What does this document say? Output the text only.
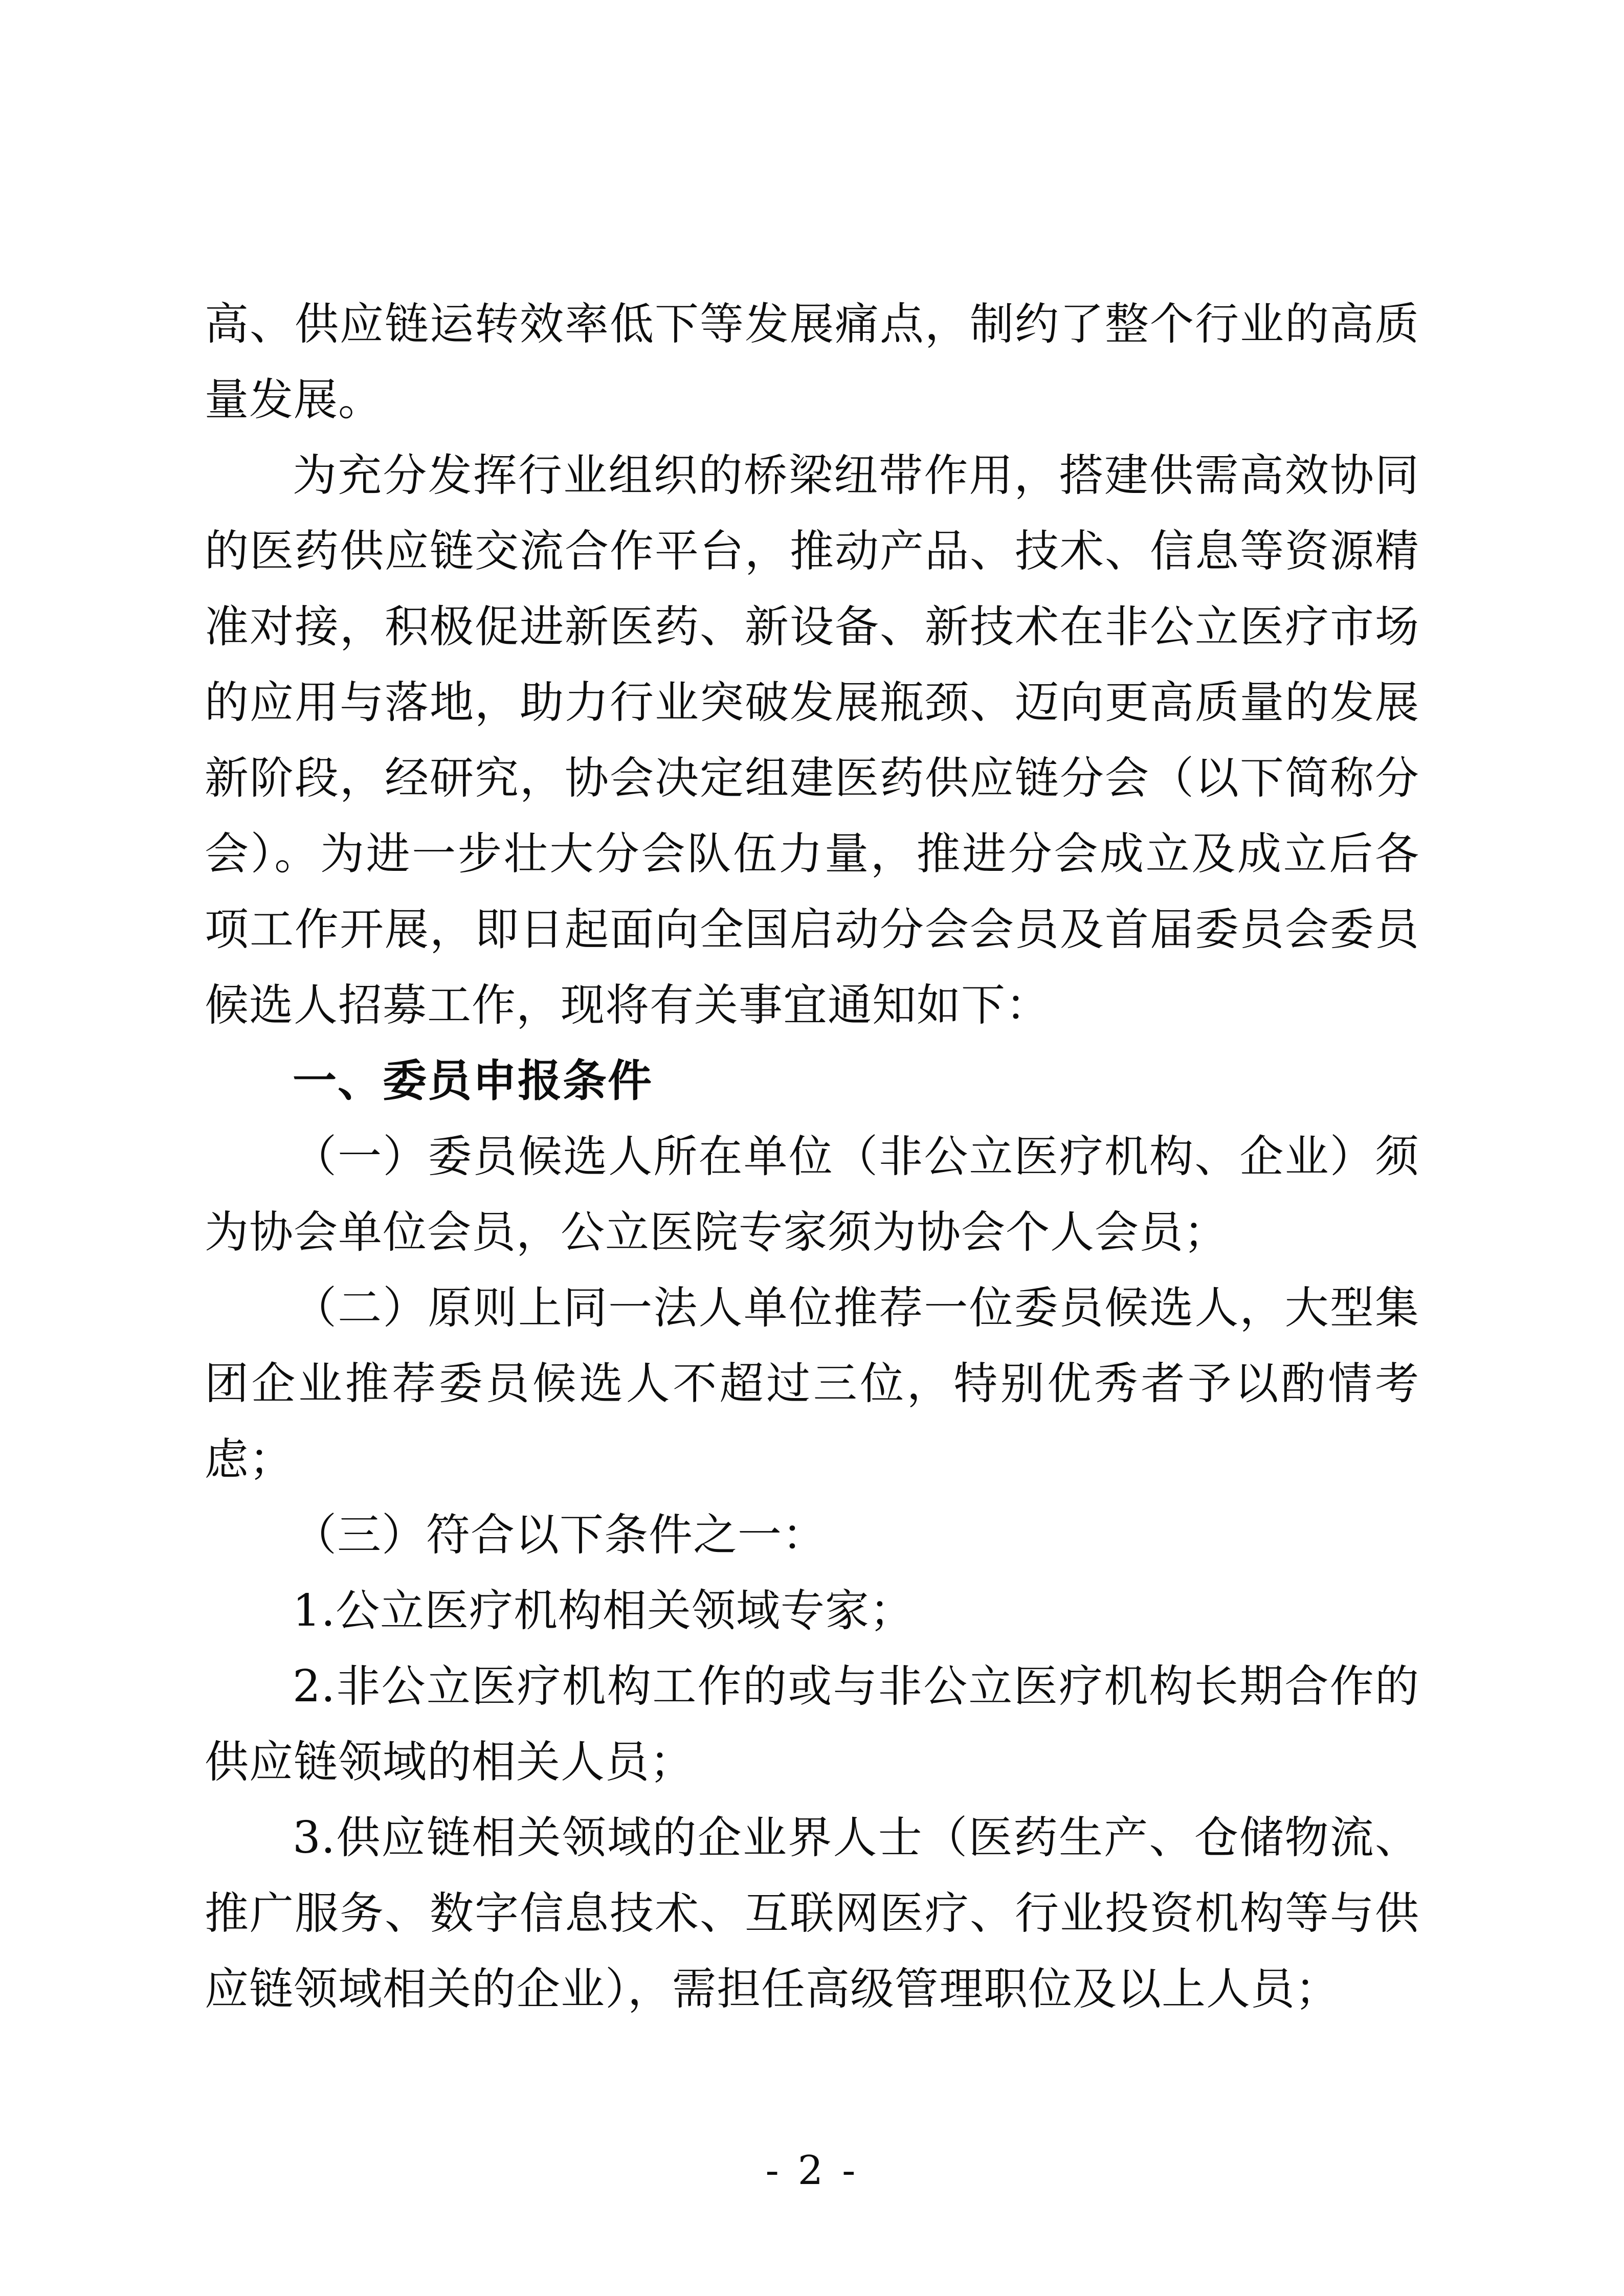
高、供应链运转效率低下等发展痛点，制约了整个行业的高质量发展。

为充分发挥行业组织的桥梁纽带作用，搭建供需高效协同的医药供应链交流合作平台，推动产品、技术、信息等资源精准对接，积极促进新医药、新设备、新技术在非公立医疗市场的应用与落地，助力行业突破发展瓶颈、迈向更高质量的发展新阶段，经研究，协会决定组建医药供应链分会（以下简称分会）。为进一步壮大分会队伍力量，推进分会成立及成立后各项工作开展，即日起面向全国启动分会会员及首届委员会委员候选人招募工作，现将有关事宜通知如下：

一、委员申报条件

（一）委员候选人所在单位（非公立医疗机构、企业）须为协会单位会员，公立医院专家须为协会个人会员；

（二）原则上同一法人单位推荐一位委员候选人，大型集团企业推荐委员候选人不超过三位，特别优秀者予以酌情考虑；

（三）符合以下条件之一：

1.公立医疗机构相关领域专家；

2.非公立医疗机构工作的或与非公立医疗机构长期合作的供应链领域的相关人员；

3.供应链相关领域的企业界人士（医药生产、仓储物流、推广服务、数字信息技术、互联网医疗、行业投资机构等与供应链领域相关的企业），需担任高级管理职位及以上人员；

- 2 -
